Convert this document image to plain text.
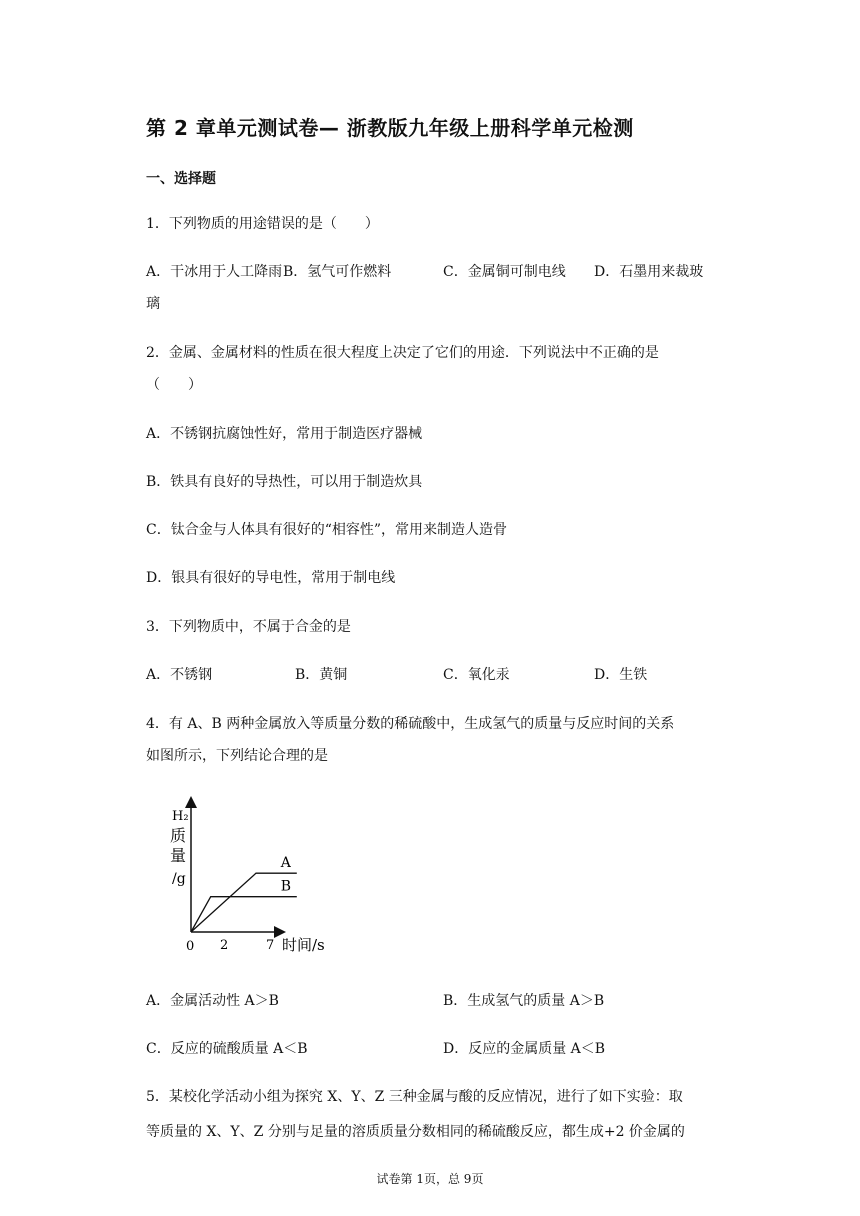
第 2 章单元测试卷— 浙教版九年级上册科学单元检测
一、选择题
1．下列物质的用途错误的是（　　）
A．干冰用于人工降雨 B．氢气可作燃料	C．金属铜可制电线 D．石墨用来裁玻
璃
2．金属、金属材料的性质在很大程度上决定了它们的用途．下列说法中不正确的是
（　　）
A．不锈钢抗腐蚀性好，常用于制造医疗器械
B．铁具有良好的导热性，可以用于制造炊具
C．钛合金与人体具有很好的“相容性”，常用来制造人造骨
D．银具有很好的导电性，常用于制电线
3．下列物质中，不属于合金的是
A．不锈钢	B．黄铜	C．氧化汞	D．生铁
4．有 A、B 两种金属放入等质量分数的稀硫酸中，生成氢气的质量与反应时间的关系
如图所示，下列结论合理的是
H₂
质
量
/g
0 2	7 时间/s
A
B
A．金属活动性 A＞B	B．生成氢气的质量 A＞B
C．反应的硫酸质量 A＜B	D．反应的金属质量 A＜B
5．某校化学活动小组为探究 X、Y、Z 三种金属与酸的反应情况，进行了如下实验：取
等质量的 X、Y、Z 分别与足量的溶质质量分数相同的稀硫酸反应，都生成+2 价金属的
试卷第 1页，总 9页
